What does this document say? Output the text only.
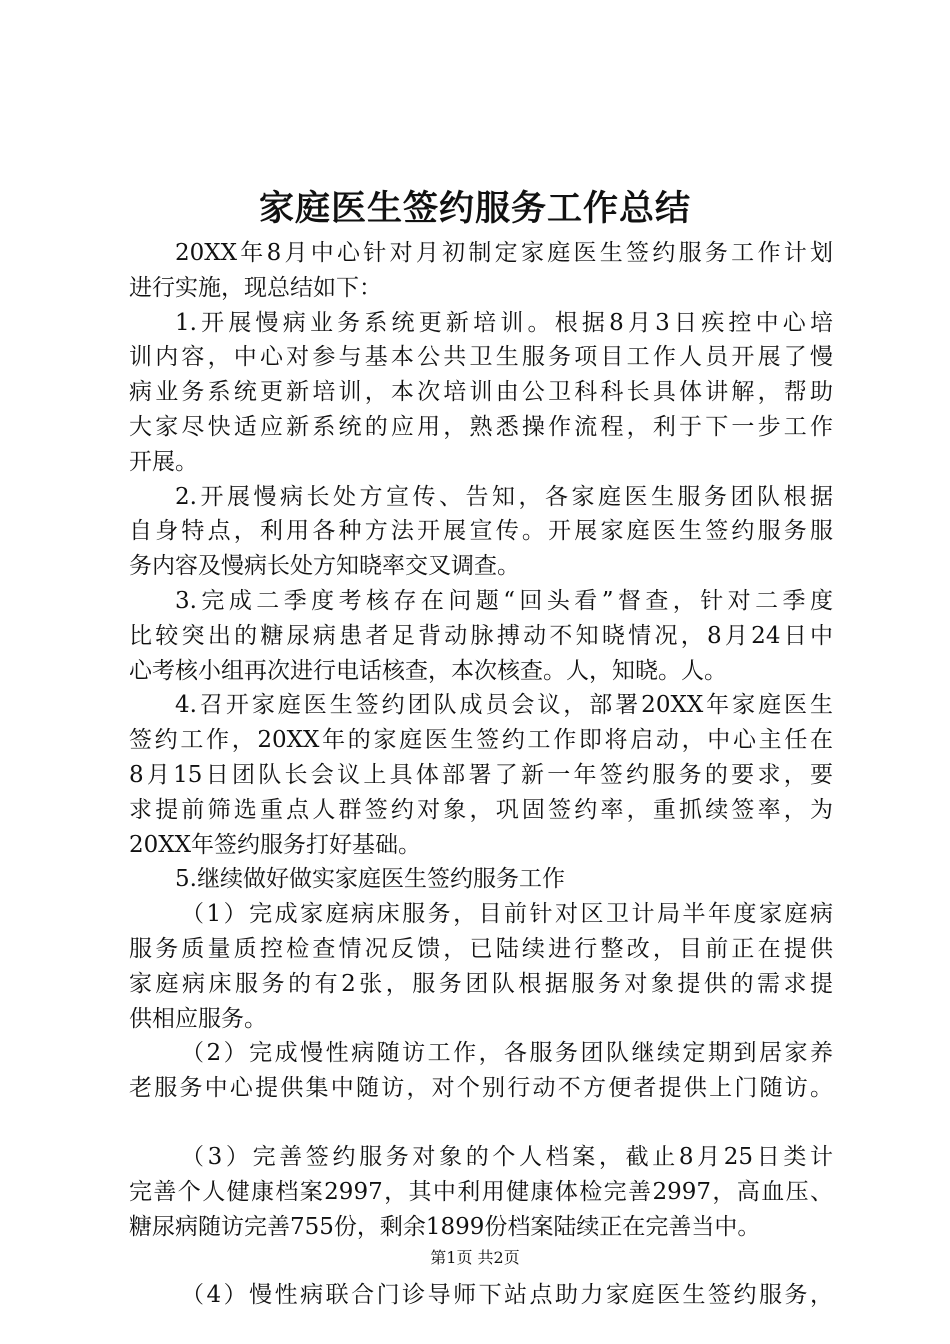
家庭医生签约服务工作总结
20XX年8月中心针对月初制定家庭医生签约服务工作计划
进行实施，现总结如下：
1.开展慢病业务系统更新培训。根据8月3日疾控中心培
训内容，中心对参与基本公共卫生服务项目工作人员开展了慢
病业务系统更新培训，本次培训由公卫科科长具体讲解，帮助
大家尽快适应新系统的应用，熟悉操作流程，利于下一步工作
开展。
2.开展慢病长处方宣传、告知，各家庭医生服务团队根据
自身特点，利用各种方法开展宣传。开展家庭医生签约服务服
务内容及慢病长处方知晓率交叉调查。
3.完成二季度考核存在问题“回头看”督查，针对二季度
比较突出的糖尿病患者足背动脉搏动不知晓情况，8月24日中
心考核小组再次进行电话核查，本次核查。人，知晓。人。
4.召开家庭医生签约团队成员会议，部署20XX年家庭医生
签约工作，20XX年的家庭医生签约工作即将启动，中心主任在
8月15日团队长会议上具体部署了新一年签约服务的要求，要
求提前筛选重点人群签约对象，巩固签约率，重抓续签率，为
20XX年签约服务打好基础。
5.继续做好做实家庭医生签约服务工作
（1）完成家庭病床服务，目前针对区卫计局半年度家庭病
服务质量质控检查情况反馈，已陆续进行整改，目前正在提供
家庭病床服务的有2张，服务团队根据服务对象提供的需求提
供相应服务。
（2）完成慢性病随访工作，各服务团队继续定期到居家养
老服务中心提供集中随访，对个别行动不方便者提供上门随访。
（3）完善签约服务对象的个人档案，截止8月25日类计
完善个人健康档案2997，其中利用健康体检完善2997，高血压、
糖尿病随访完善755份，剩余1899份档案陆续正在完善当中。
（4）慢性病联合门诊导师下站点助力家庭医生签约服务，
第1页 共2页
